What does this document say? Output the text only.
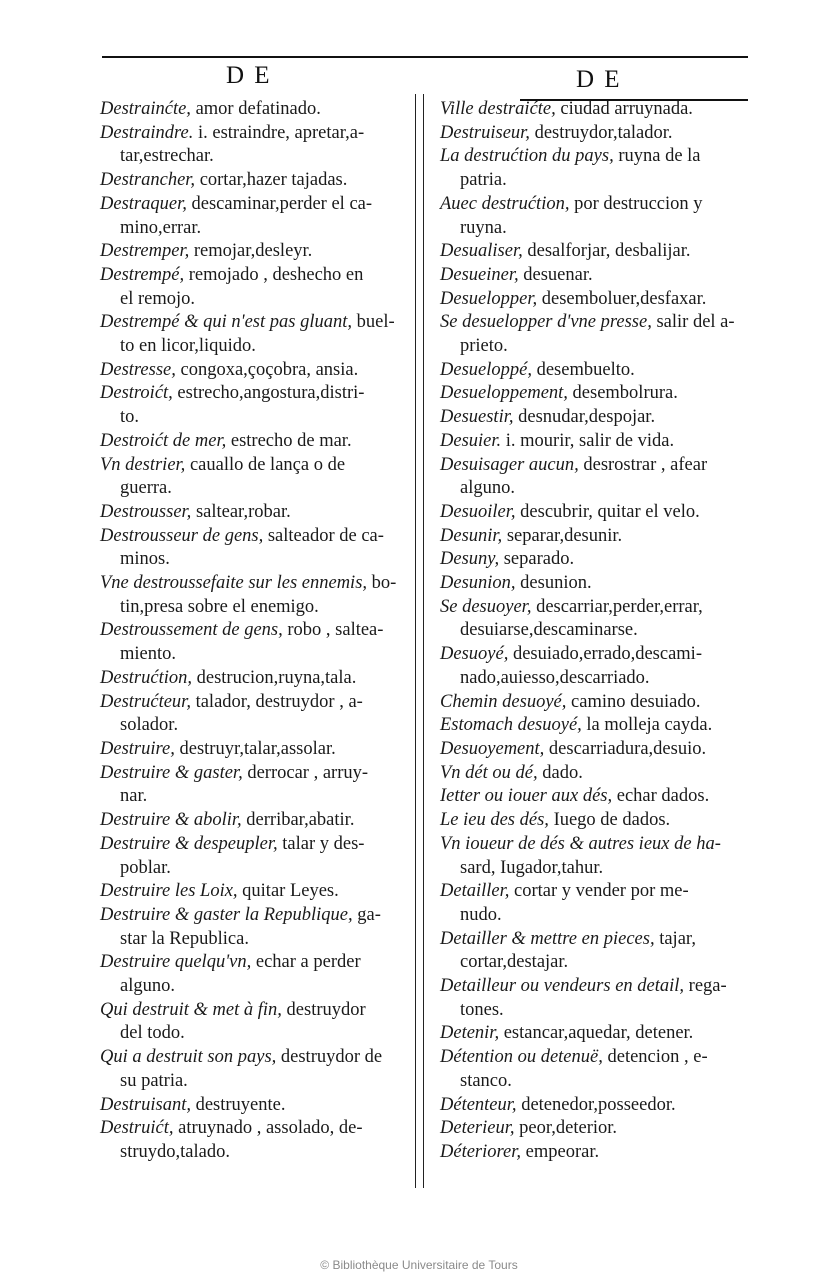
D E	D E
Destrainćte, amor defatinado.
Destraindre. i. estraindre, apretar,a-
tar,estrechar.
Destrancher, cortar,hazer tajadas.
Destraquer, descaminar,perder el ca-
mino,errar.
Destremper, remojar,desleyr.
Destrempé, remojado , deshecho en
el remojo.
Destrempé & qui n'est pas gluant, buel-
to en licor,liquido.
Destresse, congoxa,çoçobra, ansia.
Destroićt, estrecho,angostura,distri-
to.
Destroićt de mer, estrecho de mar.
Vn destrier, cauallo de lança o de
guerra.
Destrousser, saltear,robar.
Destrousseur de gens, salteador de ca-
minos.
Vne destroussefaite sur les ennemis, bo-
tin,presa sobre el enemigo.
Destroussement de gens, robo , saltea-
miento.
Destrućtion, destrucion,ruyna,tala.
Destrućteur, talador, destruydor , a-
solador.
Destruire, destruyr,talar,assolar.
Destruire & gaster, derrocar , arruy-
nar.
Destruire & abolir, derribar,abatir.
Destruire & despeupler, talar y des-
poblar.
Destruire les Loix, quitar Leyes.
Destruire & gaster la Republique, ga-
star la Republica.
Destruire quelqu'vn, echar a perder
alguno.
Qui destruit & met à fin, destruydor
del todo.
Qui a destruit son pays, destruydor de
su patria.
Destruisant, destruyente.
Destruićt, atruynado , assolado, de-
struydo,talado.
Ville destraićte, ciudad arruynada.
Destruiseur, destruydor,talador.
La destrućtion du pays, ruyna de la
patria.
Auec destrućtion, por destruccion y
ruyna.
Desualiser, desalforjar, desbalijar.
Desueiner, desuenar.
Desuelopper, desemboluer,desfaxar.
Se desuelopper d'vne presse, salir del a-
prieto.
Desueloppé, desembuelto.
Desueloppement, desembolrura.
Desuestir, desnudar,despojar.
Desuier. i. mourir, salir de vida.
Desuisager aucun, desrostrar , afear
alguno.
Desuoiler, descubrir, quitar el velo.
Desunir, separar,desunir.
Desuny, separado.
Desunion, desunion.
Se desuoyer, descarriar,perder,errar,
desuiarse,descaminarse.
Desuoyé, desuiado,errado,descami-
nado,auiesso,descarriado.
Chemin desuoyé, camino desuiado.
Estomach desuoyé, la molleja cayda.
Desuoyement, descarriadura,desuio.
Vn dét ou dé, dado.
Ietter ou iouer aux dés, echar dados.
Le ieu des dés, Iuego de dados.
Vn ioueur de dés & autres ieux de ha-
sard, Iugador,tahur.
Detailler, cortar y vender por me-
nudo.
Detailler & mettre en pieces, tajar,
cortar,destajar.
Detailleur ou vendeurs en detail, rega-
tones.
Detenir, estancar,aquedar, detener.
Détention ou detenuë, detencion , e-
stanco.
Détenteur, detenedor,posseedor.
Deterieur, peor,deterior.
Déteriorer, empeorar.
© Bibliothèque Universitaire de Tours
